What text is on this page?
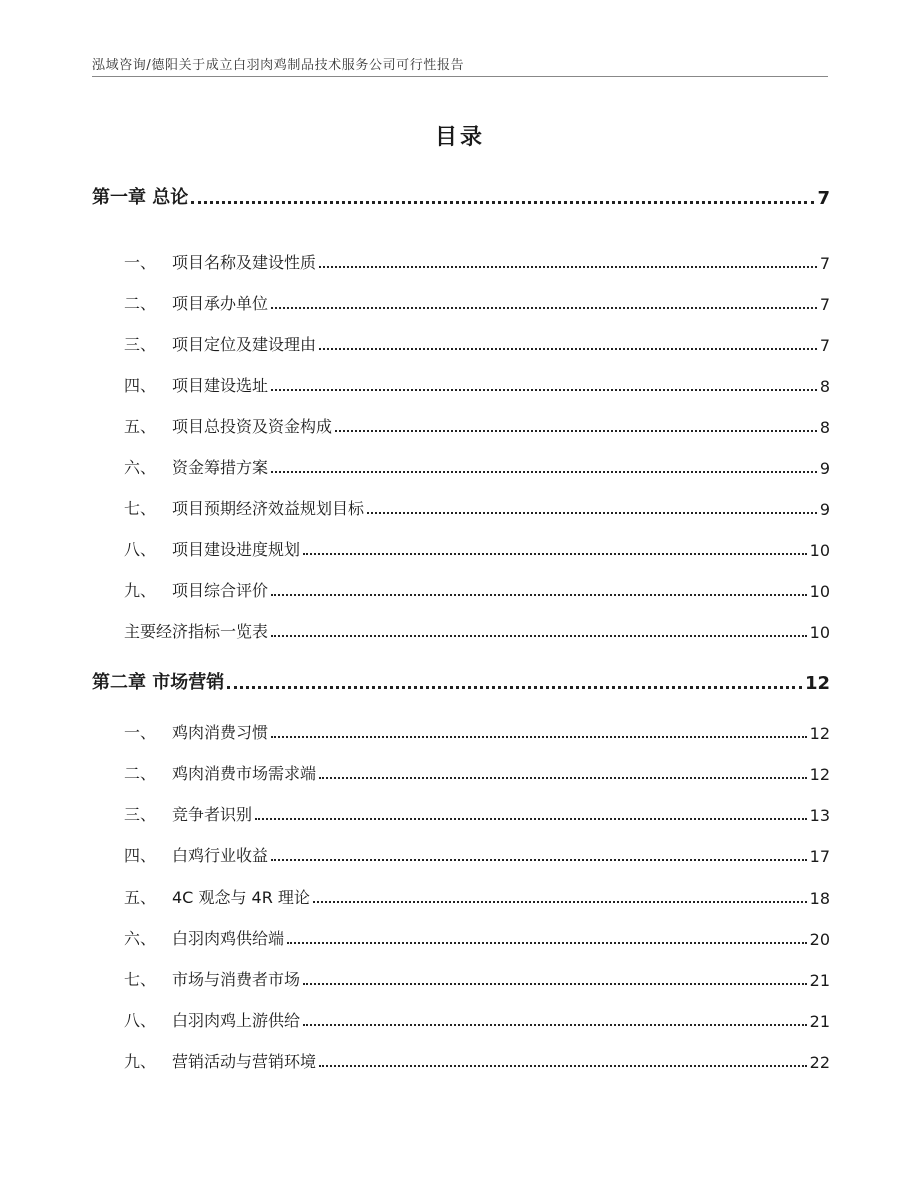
泓域咨询/德阳关于成立白羽肉鸡制品技术服务公司可行性报告
目录
第一章 总论	7
一、 项目名称及建设性质	7
二、 项目承办单位	7
三、 项目定位及建设理由	7
四、 项目建设选址	8
五、 项目总投资及资金构成	8
六、 资金筹措方案	9
七、 项目预期经济效益规划目标	9
八、 项目建设进度规划	10
九、 项目综合评价	10
主要经济指标一览表	10
第二章 市场营销	12
一、 鸡肉消费习惯	12
二、 鸡肉消费市场需求端	12
三、 竞争者识别	13
四、 白鸡行业收益	17
五、 4C 观念与 4R 理论	18
六、 白羽肉鸡供给端	20
七、 市场与消费者市场	21
八、 白羽肉鸡上游供给	21
九、 营销活动与营销环境	22
